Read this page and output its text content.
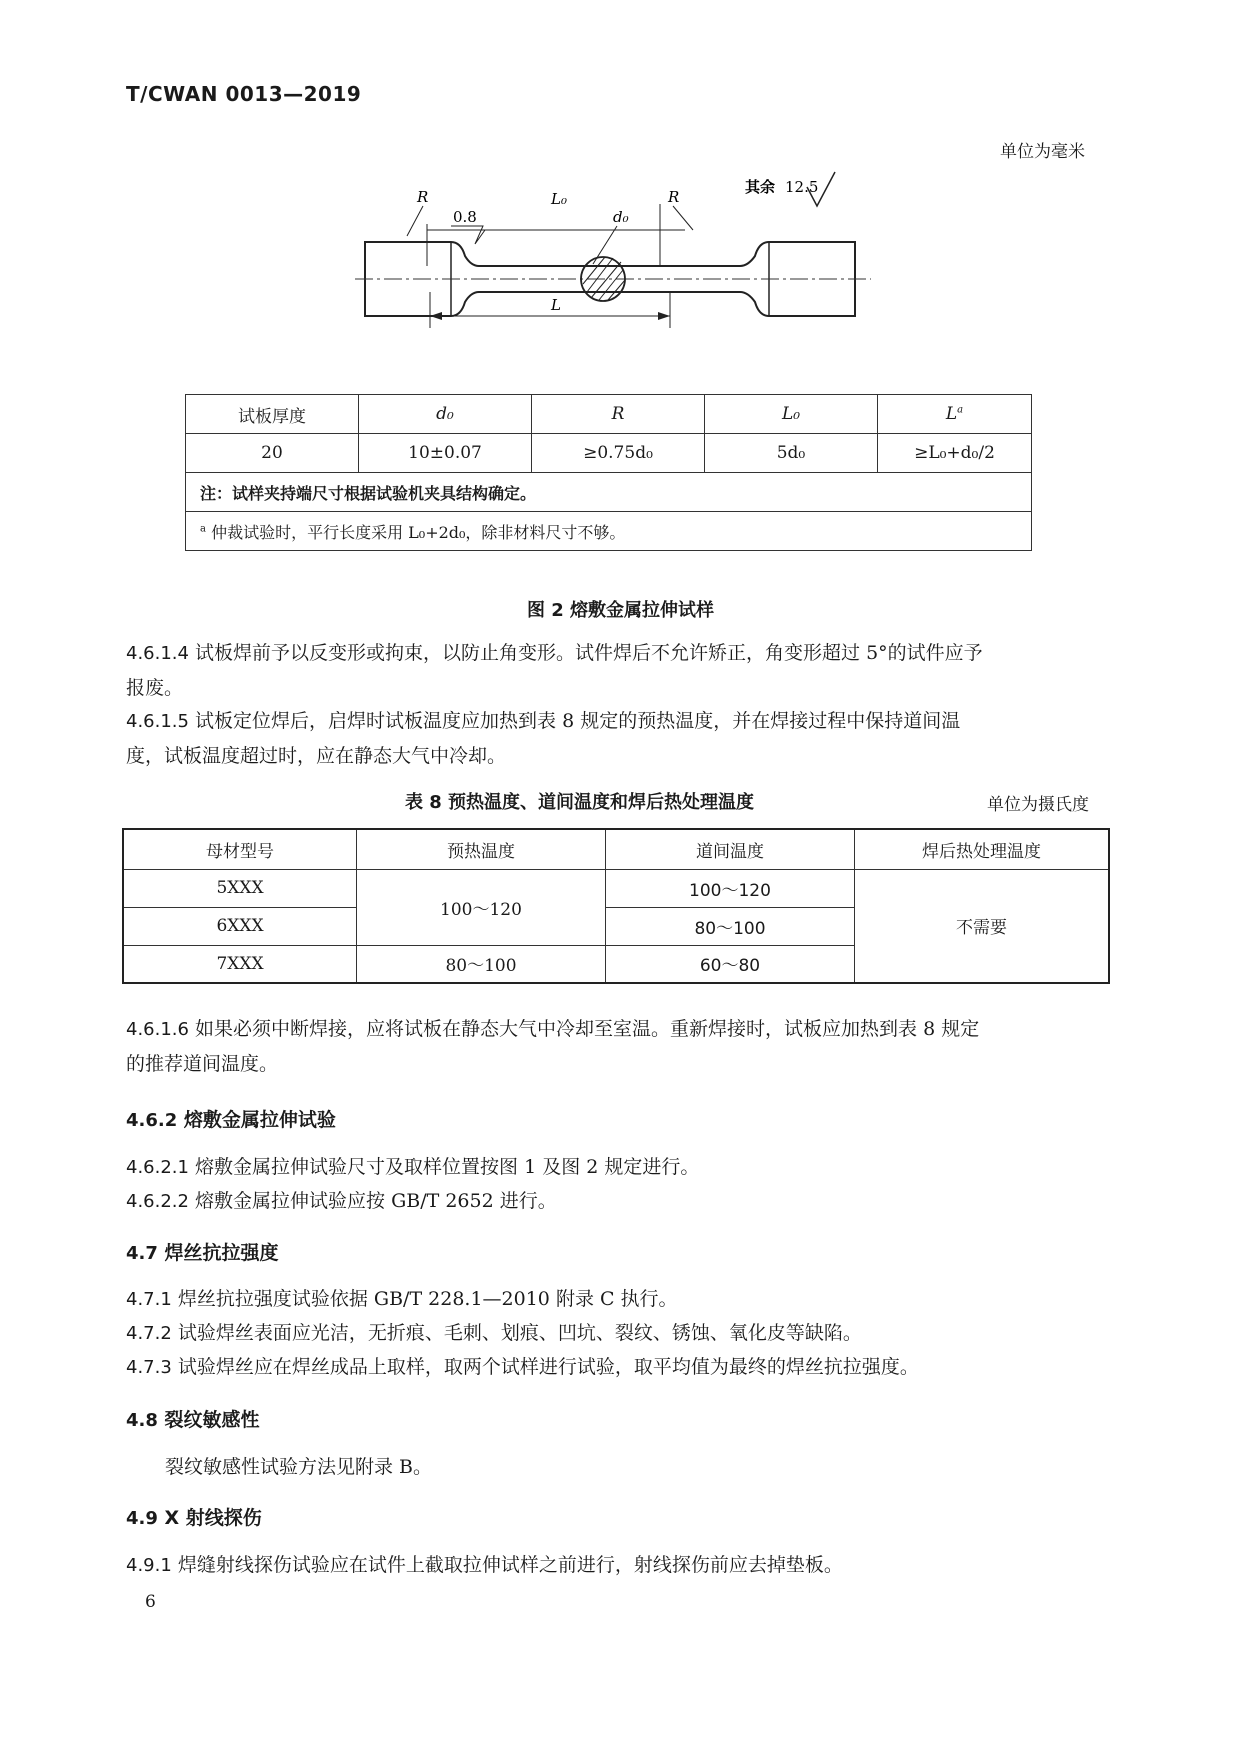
T/CWAN 0013—2019
单位为毫米
其余 12.5
d₀
0.8
L₀
R	R
L
试板厚度	d₀	R	L₀	$L^a$
20	10±0.07	≥0.75d₀	5d₀	≥L₀+d₀/2
注：试样夹持端尺寸根据试验机夹具结构确定。				
$^a$ 仲裁试验时，平行长度采用 L₀+2d₀，除非材料尺寸不够。				
图 2 熔敷金属拉伸试样

4.6.1.4 试板焊前予以反变形或拘束，以防止角变形。试件焊后不允许矫正，角变形超过 5°的试件应予

报废。

4.6.1.5 试板定位焊后，启焊时试板温度应加热到表 8 规定的预热温度，并在焊接过程中保持道间温

度，试板温度超过时，应在静态大气中冷却。

表 8 预热温度、道间温度和焊后热处理温度	单位为摄氏度
母材型号	预热温度	道间温度	焊后热处理温度
5XXX	100～120	100～120	不需要
6XXX		80～100	
7XXX	80～100	60～80	

4.6.1.6 如果必须中断焊接，应将试板在静态大气中冷却至室温。重新焊接时，试板应加热到表 8 规定

的推荐道间温度。

4.6.2 熔敷金属拉伸试验

4.6.2.1 熔敷金属拉伸试验尺寸及取样位置按图 1 及图 2 规定进行。

4.6.2.2 熔敷金属拉伸试验应按 GB/T 2652 进行。

4.7 焊丝抗拉强度

4.7.1 焊丝抗拉强度试验依据 GB/T 228.1—2010 附录 C 执行。

4.7.2 试验焊丝表面应光洁，无折痕、毛刺、划痕、凹坑、裂纹、锈蚀、氧化皮等缺陷。

4.7.3 试验焊丝应在焊丝成品上取样，取两个试样进行试验，取平均值为最终的焊丝抗拉强度。

4.8 裂纹敏感性

裂纹敏感性试验方法见附录 B。

4.9 X 射线探伤

4.9.1 焊缝射线探伤试验应在试件上截取拉伸试样之前进行，射线探伤前应去掉垫板。

6
